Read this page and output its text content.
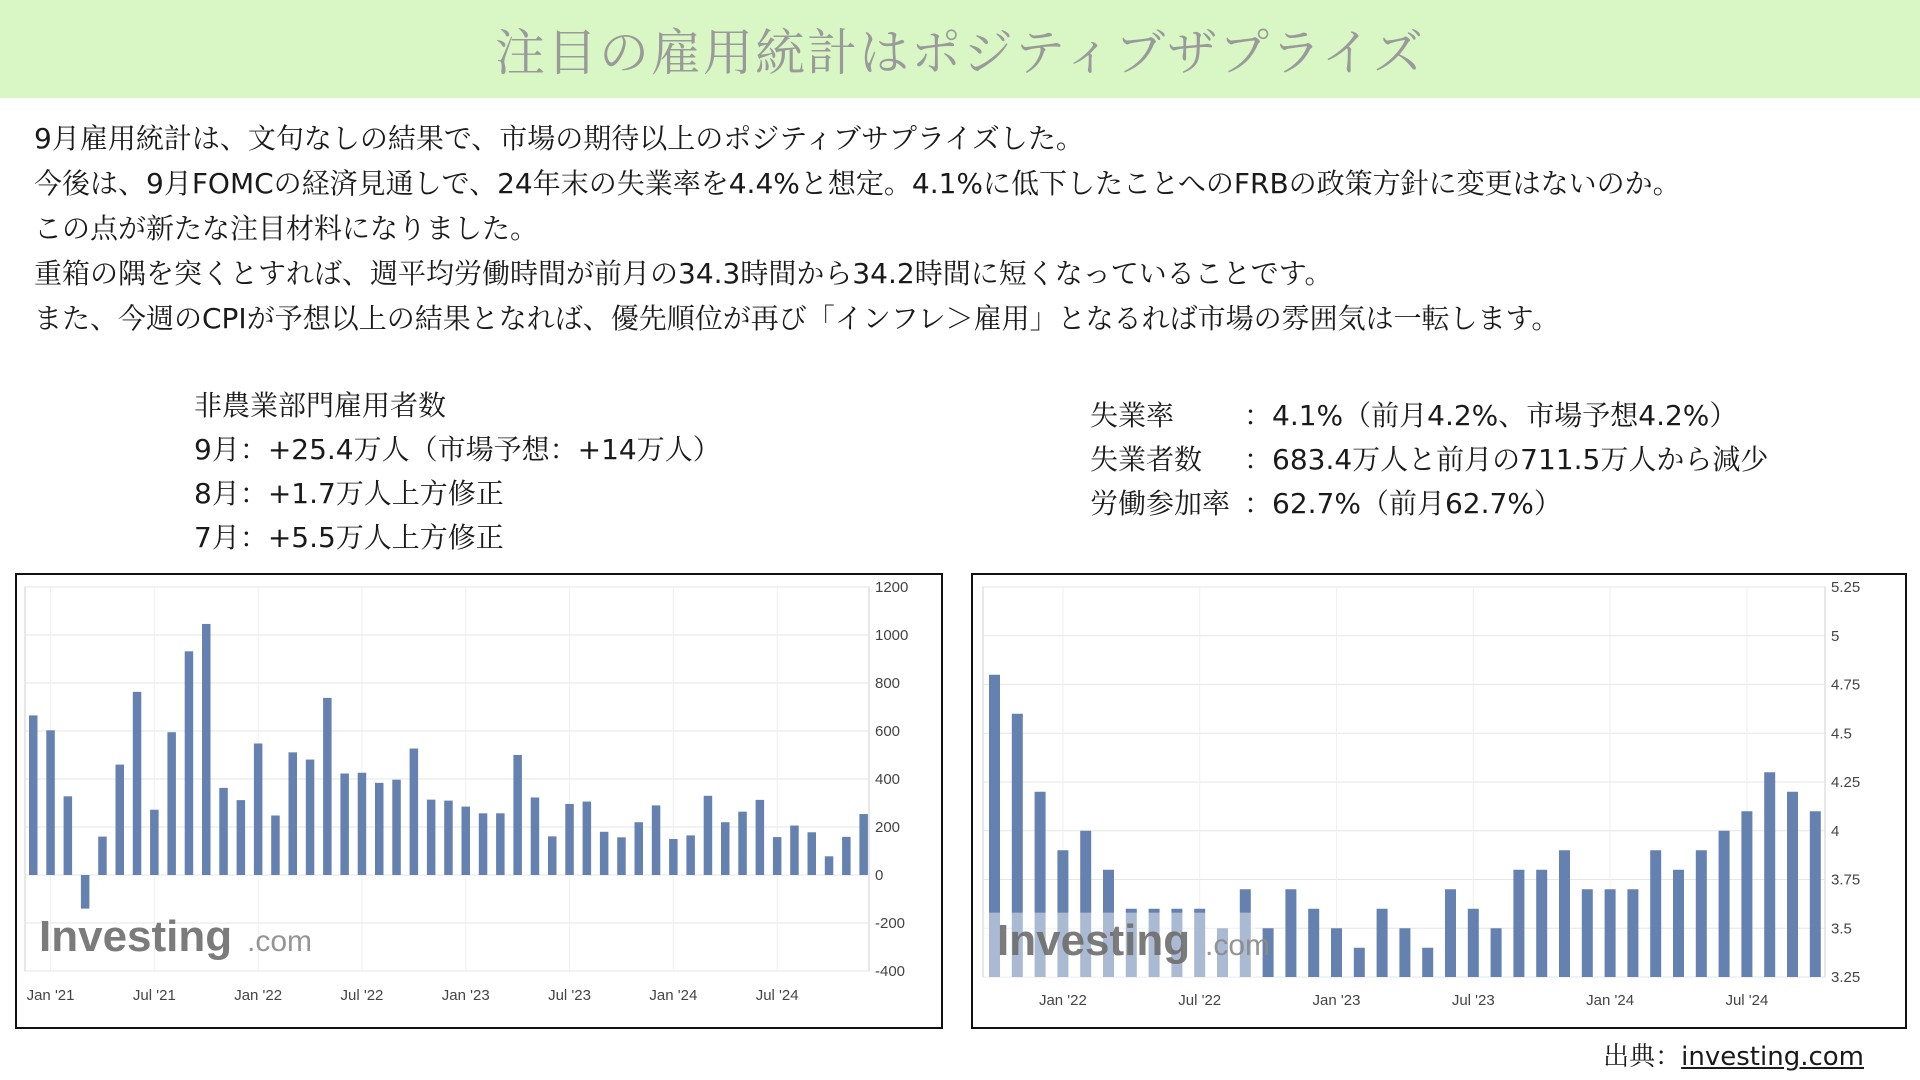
注目の雇用統計はポジティブザプライズ

9月雇用統計は、文句なしの結果で、市場の期待以上のポジティブサプライズした。

今後は、9月FOMCの経済見通しで、24年末の失業率を4.4%と想定。4.1%に低下したことへのFRBの政策方針に変更はないのか。

この点が新たな注目材料になりました。

重箱の隅を突くとすれば、週平均労働時間が前月の34.3時間から34.2時間に短くなっていることです。

また、今週のCPIが予想以上の結果となれば、優先順位が再び「インフレ＞雇用」となるれば市場の雰囲気は一転します。

非農業部門雇用者数

9月：+25.4万人（市場予想：+14万人）

8月：+1.7万人上方修正

7月：+5.5万人上方修正

失業率	：4.1%（前月4.2%、市場予想4.2%）
失業者数	：683.4万人と前月の711.5万人から減少
労働参加率 ：62.7%（前月62.7%）
1200
1000
800
600
400
200
0
-200
-400
Jan '21	Jul '21	Jan '22	Jul '22	Jan '23	Jul '23	Jan '24	Jul '24
Investing .com
5.25
5
4.75
4.5
4.25
4
3.75
3.5
3.25
Jan '22	Jul '22	Jan '23	Jul '23	Jan '24	Jul '24
Investing .com
出典：investing.com
